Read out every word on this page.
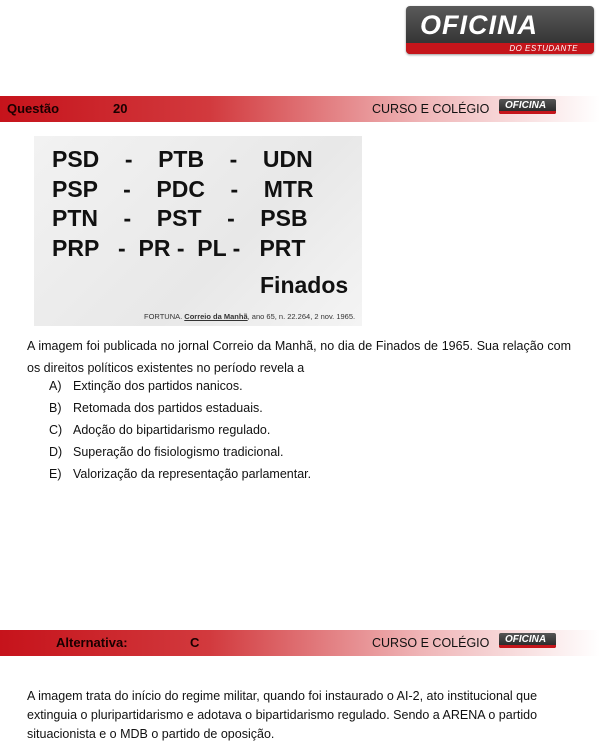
OFICINA
DO ESTUDANTE
Questão	20	CURSO E COLÉGIO OFICINA
PSD    -    PTB    -    UDN
PSP    -    PDC    -    MTR
PTN    -    PST    -    PSB
PRP   -  PR -  PL -   PRT
Finados
FORTUNA. Correio da Manhã, ano 65, n. 22.264, 2 nov. 1965.
A imagem foi publicada no jornal Correio da Manhã, no dia de Finados de 1965. Sua relação com os direitos políticos existentes no período revela a
A) Extinção dos partidos nanicos.
B) Retomada dos partidos estaduais.
C) Adoção do bipartidarismo regulado.
D) Superação do fisiologismo tradicional.
E) Valorização da representação parlamentar.
Alternativa:	C	CURSO E COLÉGIO OFICINA
A imagem trata do início do regime militar, quando foi instaurado o AI-2, ato institucional que extinguia o pluripartidarismo e adotava o bipartidarismo regulado. Sendo a ARENA o partido situacionista e o MDB o partido de oposição.
